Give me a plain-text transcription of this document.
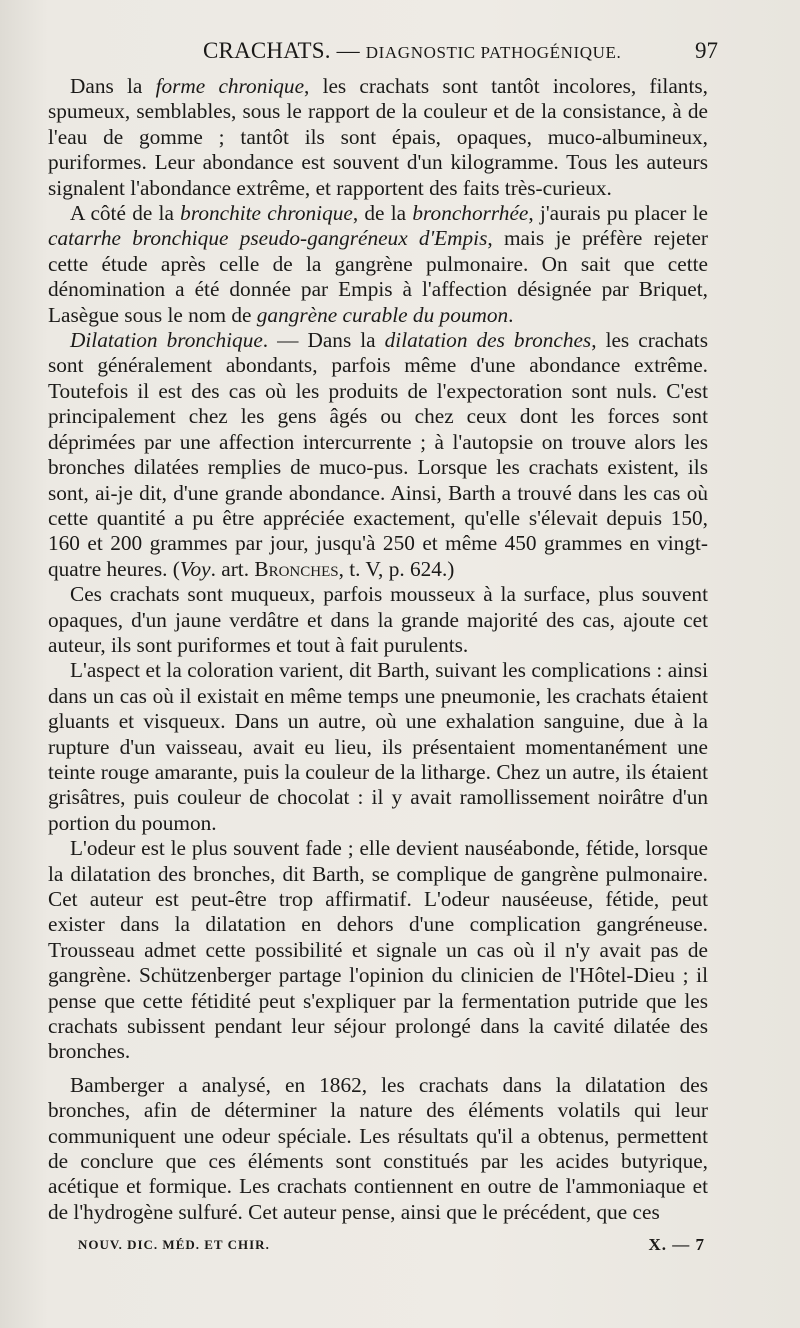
CRACHATS. — DIAGNOSTIC PATHOGÉNIQUE.	97

Dans la forme chronique, les crachats sont tantôt incolores, filants, spumeux, semblables, sous le rapport de la couleur et de la consistance, à de l'eau de gomme ; tantôt ils sont épais, opaques, muco-albumineux, puriformes. Leur abondance est souvent d'un kilogramme. Tous les auteurs signalent l'abondance extrême, et rapportent des faits très-curieux.

A côté de la bronchite chronique, de la bronchorrhée, j'aurais pu placer le catarrhe bronchique pseudo-gangréneux d'Empis, mais je préfère rejeter cette étude après celle de la gangrène pulmonaire. On sait que cette dénomination a été donnée par Empis à l'affection désignée par Briquet, Lasègue sous le nom de gangrène curable du poumon.

Dilatation bronchique. — Dans la dilatation des bronches, les crachats sont généralement abondants, parfois même d'une abondance extrême. Toutefois il est des cas où les produits de l'expectoration sont nuls. C'est principalement chez les gens âgés ou chez ceux dont les forces sont déprimées par une affection intercurrente ; à l'autopsie on trouve alors les bronches dilatées remplies de muco-pus. Lorsque les crachats existent, ils sont, ai-je dit, d'une grande abondance. Ainsi, Barth a trouvé dans les cas où cette quantité a pu être appréciée exactement, qu'elle s'élevait depuis 150, 160 et 200 grammes par jour, jusqu'à 250 et même 450 grammes en vingt-quatre heures. (Voy. art. Bronches, t. V, p. 624.)

Ces crachats sont muqueux, parfois mousseux à la surface, plus souvent opaques, d'un jaune verdâtre et dans la grande majorité des cas, ajoute cet auteur, ils sont puriformes et tout à fait purulents.

L'aspect et la coloration varient, dit Barth, suivant les complications : ainsi dans un cas où il existait en même temps une pneumonie, les crachats étaient gluants et visqueux. Dans un autre, où une exhalation sanguine, due à la rupture d'un vaisseau, avait eu lieu, ils présentaient momentanément une teinte rouge amarante, puis la couleur de la litharge. Chez un autre, ils étaient grisâtres, puis couleur de chocolat : il y avait ramollissement noirâtre d'un portion du poumon.

L'odeur est le plus souvent fade ; elle devient nauséabonde, fétide, lorsque la dilatation des bronches, dit Barth, se complique de gangrène pulmonaire. Cet auteur est peut-être trop affirmatif. L'odeur nauséeuse, fétide, peut exister dans la dilatation en dehors d'une complication gangréneuse. Trousseau admet cette possibilité et signale un cas où il n'y avait pas de gangrène. Schützenberger partage l'opinion du clinicien de l'Hôtel-Dieu ; il pense que cette fétidité peut s'expliquer par la fermentation putride que les crachats subissent pendant leur séjour prolongé dans la cavité dilatée des bronches.

Bamberger a analysé, en 1862, les crachats dans la dilatation des bronches, afin de déterminer la nature des éléments volatils qui leur communiquent une odeur spéciale. Les résultats qu'il a obtenus, permettent de conclure que ces éléments sont constitués par les acides butyrique, acétique et formique. Les crachats contiennent en outre de l'ammoniaque et de l'hydrogène sulfuré. Cet auteur pense, ainsi que le précédent, que ces

NOUV. DIC. MÉD. ET CHIR.	X. — 7
